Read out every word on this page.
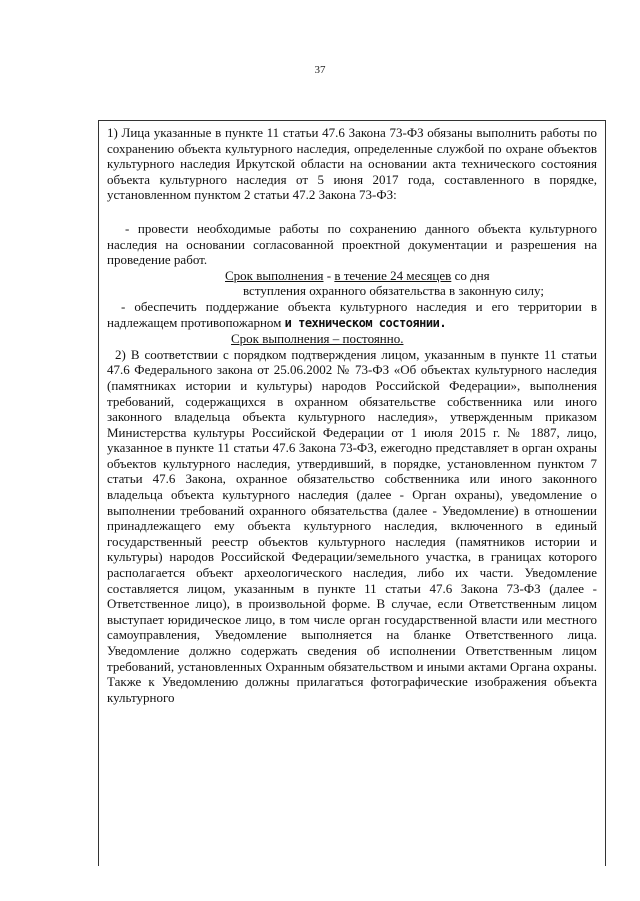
37

1) Лица указанные в пункте 11 статьи 47.6 Закона 73-ФЗ обязаны выполнить работы по сохранению объекта культурного наследия, определенные службой по охране объектов культурного наследия Иркутской области на основании акта технического состояния объекта культурного наследия от 5 июня 2017 года, составленного в порядке, установленном пунктом 2 статьи 47.2 Закона 73-ФЗ:

- провести необходимые работы по сохранению данного объекта культурного наследия на основании согласованной проектной документации и разрешения на проведение работ.

Срок выполнения - в течение 24 месяцев со дня

вступления охранного обязательства в законную силу;

- обеспечить поддержание объекта культурного наследия и его территории в надлежащем противопожарном и техническом состоянии.

Срок выполнения – постоянно.

2) В соответствии с порядком подтверждения лицом, указанным в пункте 11 статьи 47.6 Федерального закона от 25.06.2002 № 73-ФЗ «Об объектах культурного наследия (памятниках истории и культуры) народов Российской Федерации», выполнения требований, содержащихся в охранном обязательстве собственника или иного законного владельца объекта культурного наследия», утвержденным приказом Министерства культуры Российской Федерации от 1 июля 2015 г. № 1887, лицо, указанное в пункте 11 статьи 47.6 Закона 73-ФЗ, ежегодно представляет в орган охраны объектов культурного наследия, утвердивший, в порядке, установленном пунктом 7 статьи 47.6 Закона, охранное обязательство собственника или иного законного владельца объекта культурного наследия (далее - Орган охраны), уведомление о выполнении требований охранного обязательства (далее - Уведомление) в отношении принадлежащего ему объекта культурного наследия, включенного в единый государственный реестр объектов культурного наследия (памятников истории и культуры) народов Российской Федерации/земельного участка, в границах которого располагается объект археологического наследия, либо их части. Уведомление составляется лицом, указанным в пункте 11 статьи 47.6 Закона 73-ФЗ (далее - Ответственное лицо), в произвольной форме. В случае, если Ответственным лицом выступает юридическое лицо, в том числе орган государственной власти или местного самоуправления, Уведомление выполняется на бланке Ответственного лица. Уведомление должно содержать сведения об исполнении Ответственным лицом требований, установленных Охранным обязательством и иными актами Органа охраны. Также к Уведомлению должны прилагаться фотографические изображения объекта культурного
